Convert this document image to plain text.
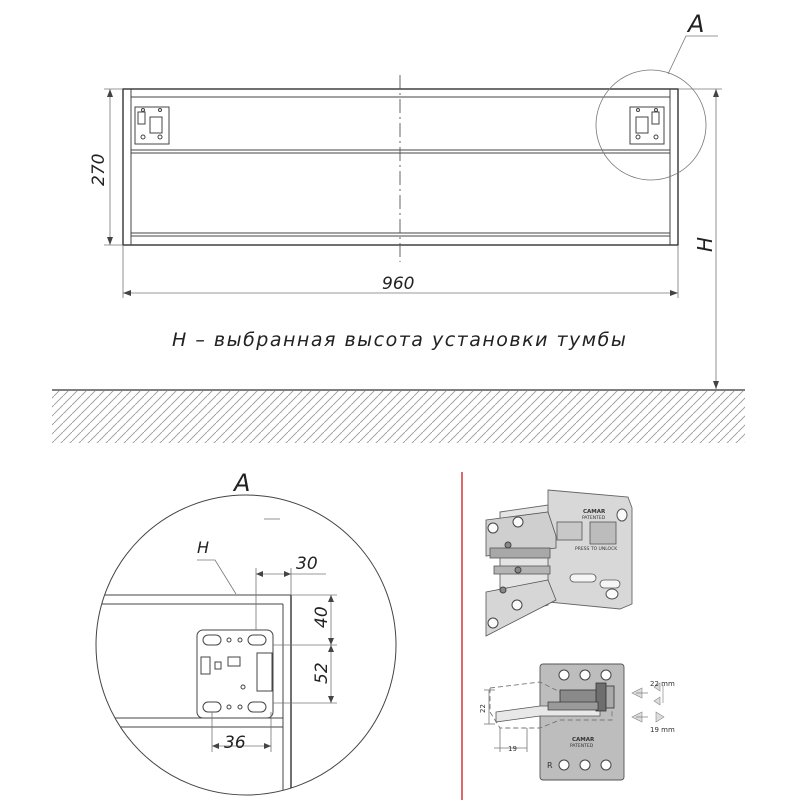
A
270
960
H
H – выбранная высота установки тумбы
A
H
30
40
52
36
CAMAR
PATENTED
PRESS TO UNLOCK
CAMAR
PATENTED
R
22
19
22 mm
19 mm
